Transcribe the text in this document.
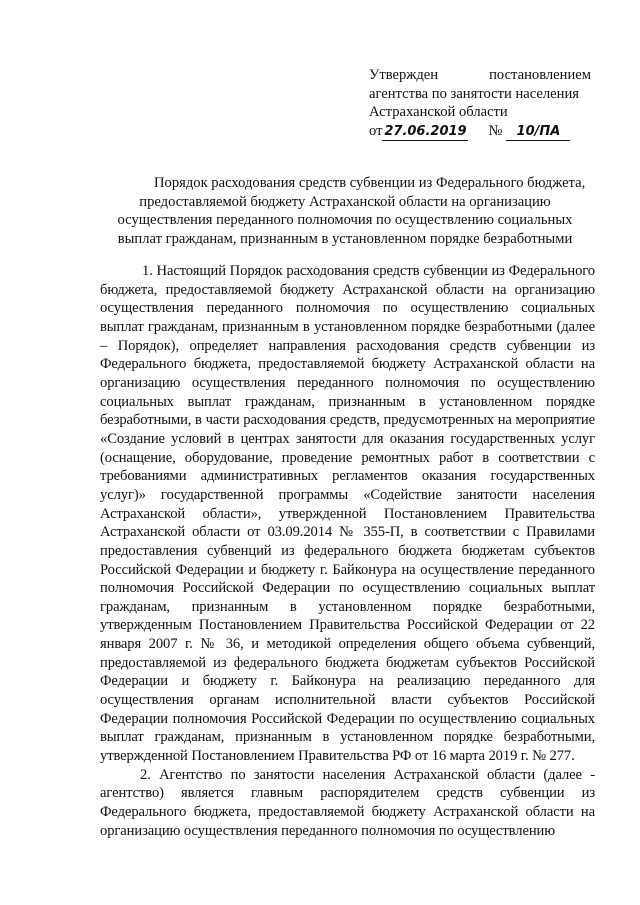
Утвержден	постановлением
агентства по занятости населения
Астраханской области
от 27.06.2019 №	10/ПА
Порядок расходования средств субвенции из Федерального бюджета,
предоставляемой бюджету Астраханской области на организацию
осуществления переданного полномочия по осуществлению социальных
выплат гражданам, признанным в установленном порядке безработными

1. Настоящий Порядок расходования средств субвенции из Федерального бюджета, предоставляемой бюджету Астраханской области на организацию осуществления переданного полномочия по осуществлению социальных выплат гражданам, признанным в установленном порядке безработными (далее – Порядок), определяет направления расходования средств субвенции из Федерального бюджета, предоставляемой бюджету Астраханской области на организацию осуществления переданного полномочия по осуществлению социальных выплат гражданам, признанным в установленном порядке безработными, в части расходования средств, предусмотренных на мероприятие «Создание условий в центрах занятости для оказания государственных услуг (оснащение, оборудование, проведение ремонтных работ в соответствии с требованиями административных регламентов оказания государственных услуг)» государственной программы «Содействие занятости населения Астраханской области», утвержденной Постановлением Правительства Астраханской области от 03.09.2014 № 355-П, в соответствии с Правилами предоставления субвенций из федерального бюджета бюджетам субъектов Российской Федерации и бюджету г. Байконура на осуществление переданного полномочия Российской Федерации по осуществлению социальных выплат гражданам, признанным в установленном порядке безработными, утвержденным Постановлением Правительства Российской Федерации от 22 января 2007 г. № 36, и методикой определения общего объема субвенций, предоставляемой из федерального бюджета бюджетам субъектов Российской Федерации и бюджету г. Байконура на реализацию переданного для осуществления органам исполнительной власти субъектов Российской Федерации полномочия Российской Федерации по осуществлению социальных выплат гражданам, признанным в установленном порядке безработными, утвержденной Постановлением Правительства РФ от 16 марта 2019 г. № 277.

2. Агентство по занятости населения Астраханской области (далее - агентство) является главным распорядителем средств субвенции из Федерального бюджета, предоставляемой бюджету Астраханской области на организацию осуществления переданного полномочия по осуществлению
